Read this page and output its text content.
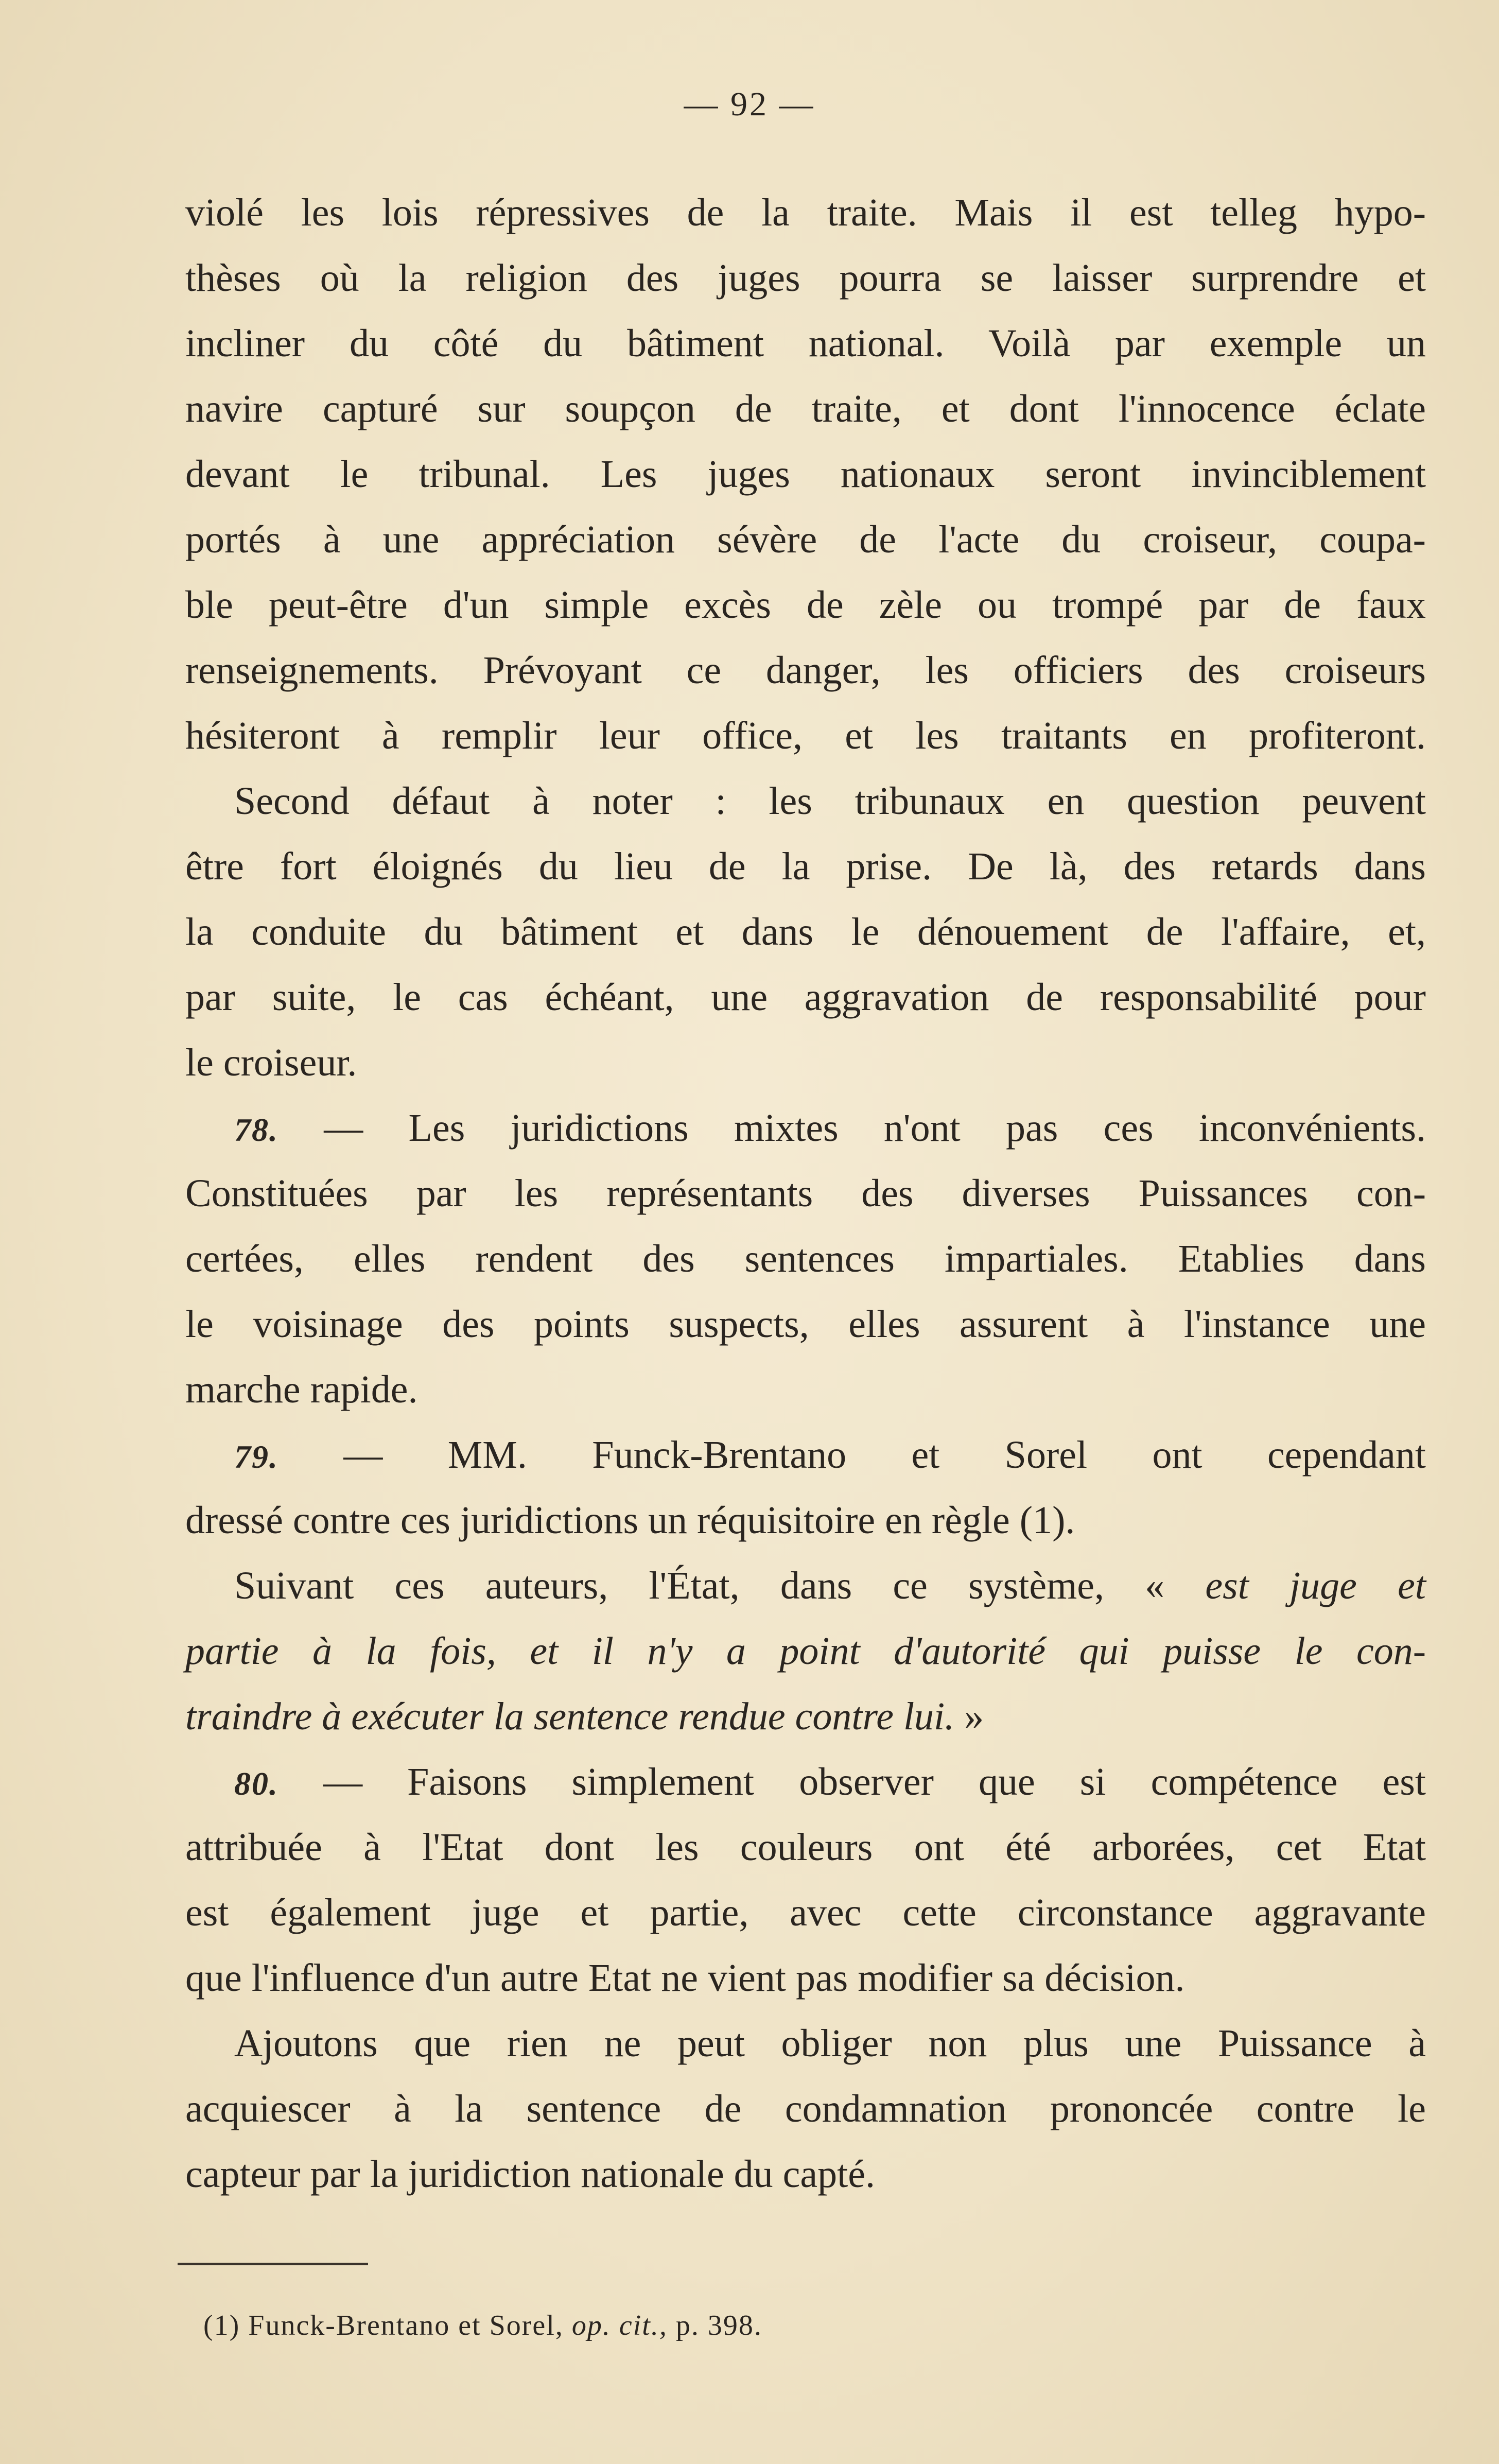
— 92 —

violé les lois répressives de la traite. Mais il est telleg hypo-

thèses où la religion des juges pourra se laisser surprendre et

incliner du côté du bâtiment national. Voilà par exemple un

navire capturé sur soupçon de traite, et dont l'innocence éclate

devant le tribunal. Les juges nationaux seront invinciblement

portés à une appréciation sévère de l'acte du croiseur, coupa-

ble peut-être d'un simple excès de zèle ou trompé par de faux

renseignements. Prévoyant ce danger, les officiers des croiseurs

hésiteront à remplir leur office, et les traitants en profiteront.

Second défaut à noter : les tribunaux en question peuvent

être fort éloignés du lieu de la prise. De là, des retards dans

la conduite du bâtiment et dans le dénouement de l'affaire, et,

par suite, le cas échéant, une aggravation de responsabilité pour

le croiseur.

78. — Les juridictions mixtes n'ont pas ces inconvénients.

Constituées par les représentants des diverses Puissances con-

certées, elles rendent des sentences impartiales. Etablies dans

le voisinage des points suspects, elles assurent à l'instance une

marche rapide.

79. — MM. Funck-Brentano et Sorel ont cependant

dressé contre ces juridictions un réquisitoire en règle (1).

Suivant ces auteurs, l'État, dans ce système, « est juge et

partie à la fois, et il n'y a point d'autorité qui puisse le con-

traindre à exécuter la sentence rendue contre lui. »

80. — Faisons simplement observer que si compétence est

attribuée à l'Etat dont les couleurs ont été arborées, cet Etat

est également juge et partie, avec cette circonstance aggravante

que l'influence d'un autre Etat ne vient pas modifier sa décision.

Ajoutons que rien ne peut obliger non plus une Puissance à

acquiescer à la sentence de condamnation prononcée contre le

capteur par la juridiction nationale du capté.

(1) Funck-Brentano et Sorel, op. cit., p. 398.
